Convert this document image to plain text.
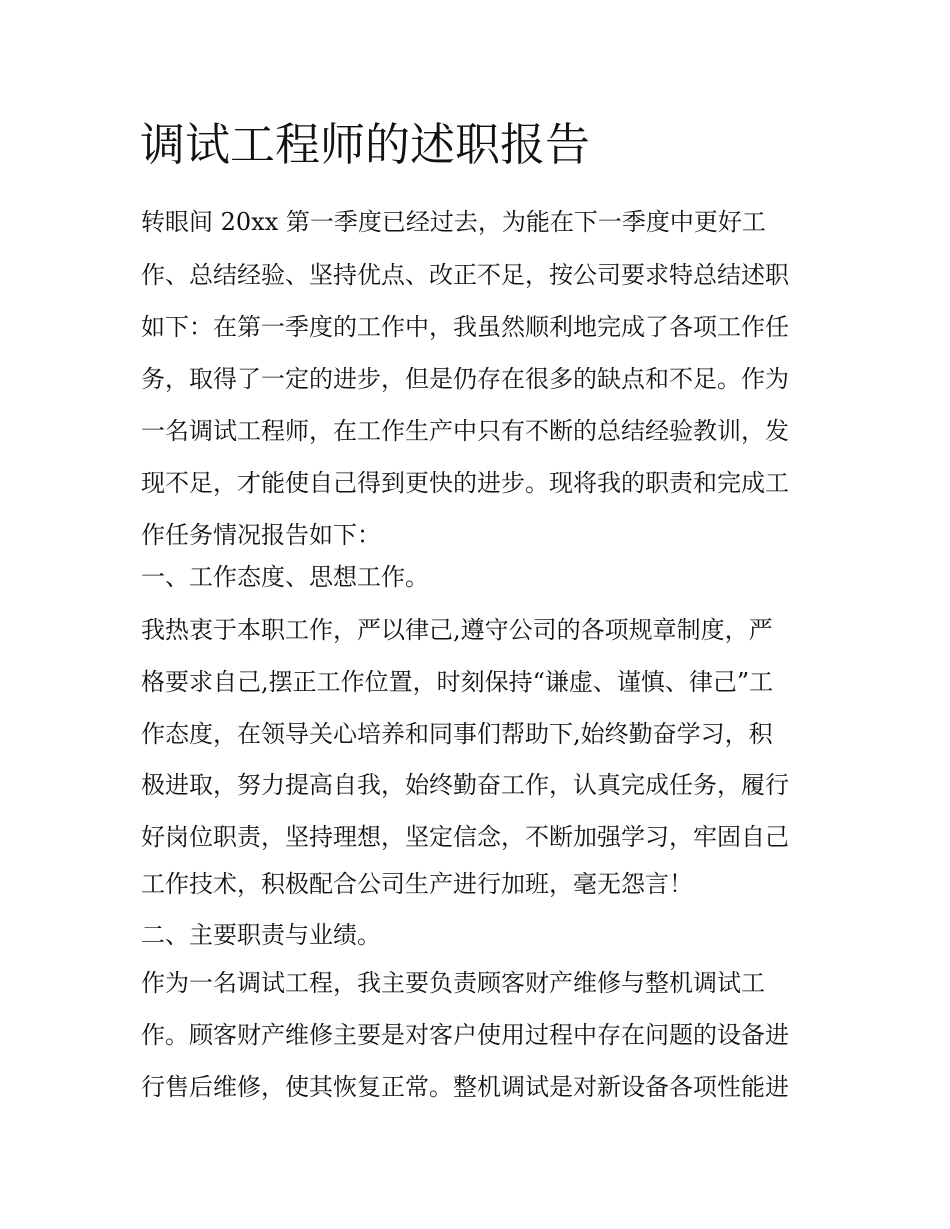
调试工程师的述职报告

转眼间 20xx 第一季度已经过去，为能在下一季度中更好工

作、总结经验、坚持优点、改正不足，按公司要求特总结述职

如下：在第一季度的工作中，我虽然顺利地完成了各项工作任

务，取得了一定的进步，但是仍存在很多的缺点和不足。作为

一名调试工程师，在工作生产中只有不断的总结经验教训，发

现不足，才能使自己得到更快的进步。现将我的职责和完成工

作任务情况报告如下：

一、工作态度、思想工作。

我热衷于本职工作，严以律己,遵守公司的各项规章制度，严

格要求自己,摆正工作位置，时刻保持“谦虚、谨慎、律己”工

作态度，在领导关心培养和同事们帮助下,始终勤奋学习，积

极进取，努力提高自我，始终勤奋工作，认真完成任务，履行

好岗位职责，坚持理想，坚定信念，不断加强学习，牢固自己

工作技术，积极配合公司生产进行加班，毫无怨言！

二、主要职责与业绩。

作为一名调试工程，我主要负责顾客财产维修与整机调试工

作。顾客财产维修主要是对客户使用过程中存在问题的设备进

行售后维修，使其恢复正常。整机调试是对新设备各项性能进
